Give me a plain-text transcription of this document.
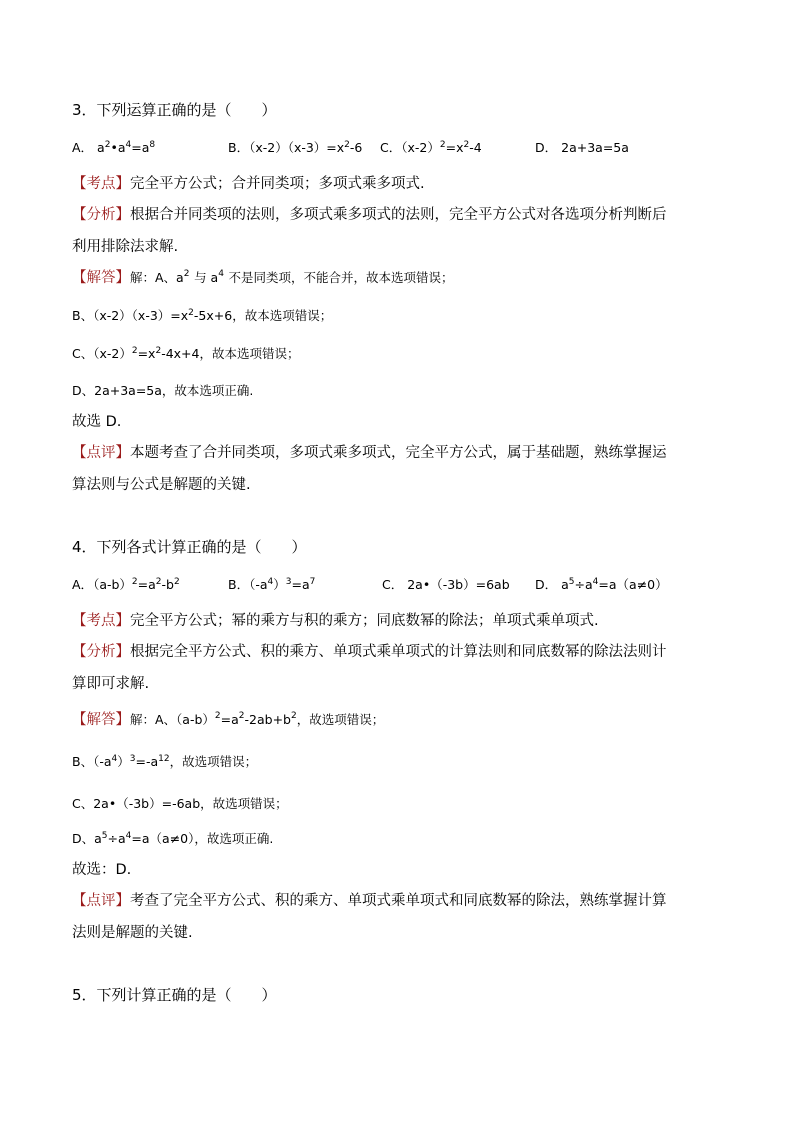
3．下列运算正确的是（　　）
A． $a^2•a^4=a^8$	B．$(x-2)(x-3)=x^2-6$ C．$(x-2)^2=x^2-4$	D． 2a+3a=5a
【考点】完全平方公式；合并同类项；多项式乘多项式.
【分析】根据合并同类项的法则，多项式乘多项式的法则，完全平方公式对各选项分析判断后
利用排除法求解.
【解答】解：A、$a^2$ 与 $a^4$ 不是同类项，不能合并，故本选项错误；
B、$(x-2)(x-3)=x^2-5x+6$，故本选项错误；
C、$(x-2)^2=x^2-4x+4$，故本选项错误；
D、2a+3a=5a，故本选项正确.
故选 D.
【点评】本题考查了合并同类项，多项式乘多项式，完全平方公式，属于基础题，熟练掌握运
算法则与公式是解题的关键.
4．下列各式计算正确的是（　　）
A．$(a-b)^2=a^2-b^2$	B．$(-a^4)^3=a^7$	C． 2a•（-3b）=6ab D． $a^5\div a^4=a(a\ne 0)$
【考点】完全平方公式；幂的乘方与积的乘方；同底数幂的除法；单项式乘单项式.
【分析】根据完全平方公式、积的乘方、单项式乘单项式的计算法则和同底数幂的除法法则计
算即可求解.
【解答】解：A、$(a-b)^2=a^2-2ab+b^2$，故选项错误；
B、$(-a^4)^3=-a^{12}$，故选项错误；
C、2a•（-3b）=-6ab，故选项错误；
D、$a^5\div a^4=a(a\ne 0)$，故选项正确.
故选：D.
【点评】考查了完全平方公式、积的乘方、单项式乘单项式和同底数幂的除法，熟练掌握计算
法则是解题的关键.
5．下列计算正确的是（　　）
